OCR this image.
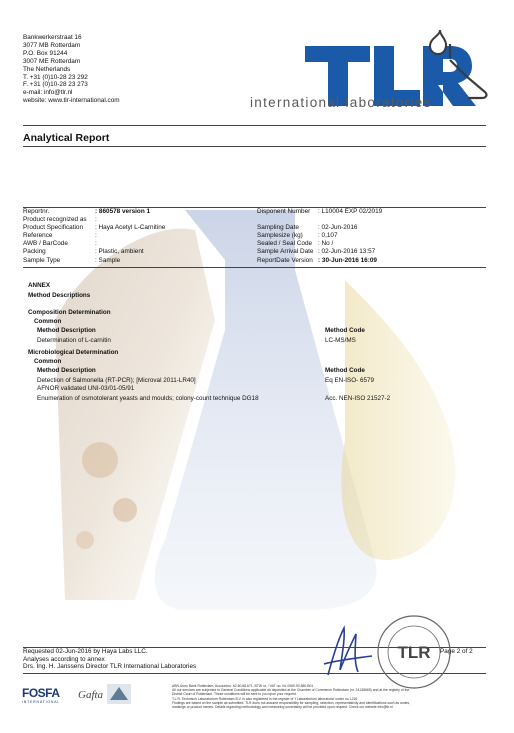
Bankwerkerstraat 16
3077 MB Rotterdam
P.O. Box 91244
3007 ME Rotterdam
The Netherlands
T. +31 (0)10-28 23 292
F. +31 (0)10-28 23 273
e-mail: info@tlr.nl
website: www.tlr-international.com	international laboratories
Analytical Report
Reportnr.	: 860578 version 1	Disponent Number : L10004 EXP 02/2019
Product recognized as :
Product Specification : Haya Acetyl L-Carnitine	Sampling Date	: 02-Jun-2016
Reference	:	Samplesize (kg) : 0,107
AWB / BarCode	:	Sealed / Seal Code : No /
Packing	: Plastic, ambient	Sample Arrival Date : 02-Jun-2016 13:57
Sample Type	: Sample	ReportDate Version : 30-Jun-2016 16:09
ANNEX
Method Descriptions
Composition Determination
Common
Method Description	Method Code
Determination of L-carnitin	LC-MS/MS
Microbiological Determination
Common
Method Description	Method Code
Detection of Salmonella (RT-PCR); [Microval 2011-LR40]	Eq EN-ISO- 6579
AFNOR validated UNI-03/01-05/91
Enumeration of osmotolerant yeasts and moulds; colony-count technique DG18	Acc. NEN-ISO 21527-2
Requested 02-Jun-2016 by Haya Labs LLC.
Analyses according to annex
Drs. Ing. H. Janssens Director TLR International Laboratories
Page 2 of 2
TLR
FOSFA
INTERNATIONAL
Gafta
ABN Amro Bank Rotterdam, Accountno. 62.60.68.671, BTW nr. / VAT no. NL 0069.90.880.B01
All our services are subjected to General Conditions applicable as deposited at the Chamber of Commerce Rotterdam (nr. 24138665) and at the registry of the
District Court of Rotterdam. These conditions will be sent to you upon your request.
T.L.R. Technisch Laboratorium Rotterdam B.V. is also registered in the register of 't Laboratorium laboratoria' under no L216
Findings are based on the sample as submitted. TLR does not assume responsibility for sampling, selection, representativity and identifications such as codes,
markings or product names. Details regarding methodology and measuring uncertainty will be provided upon request. Check our website info@tlr.nl
